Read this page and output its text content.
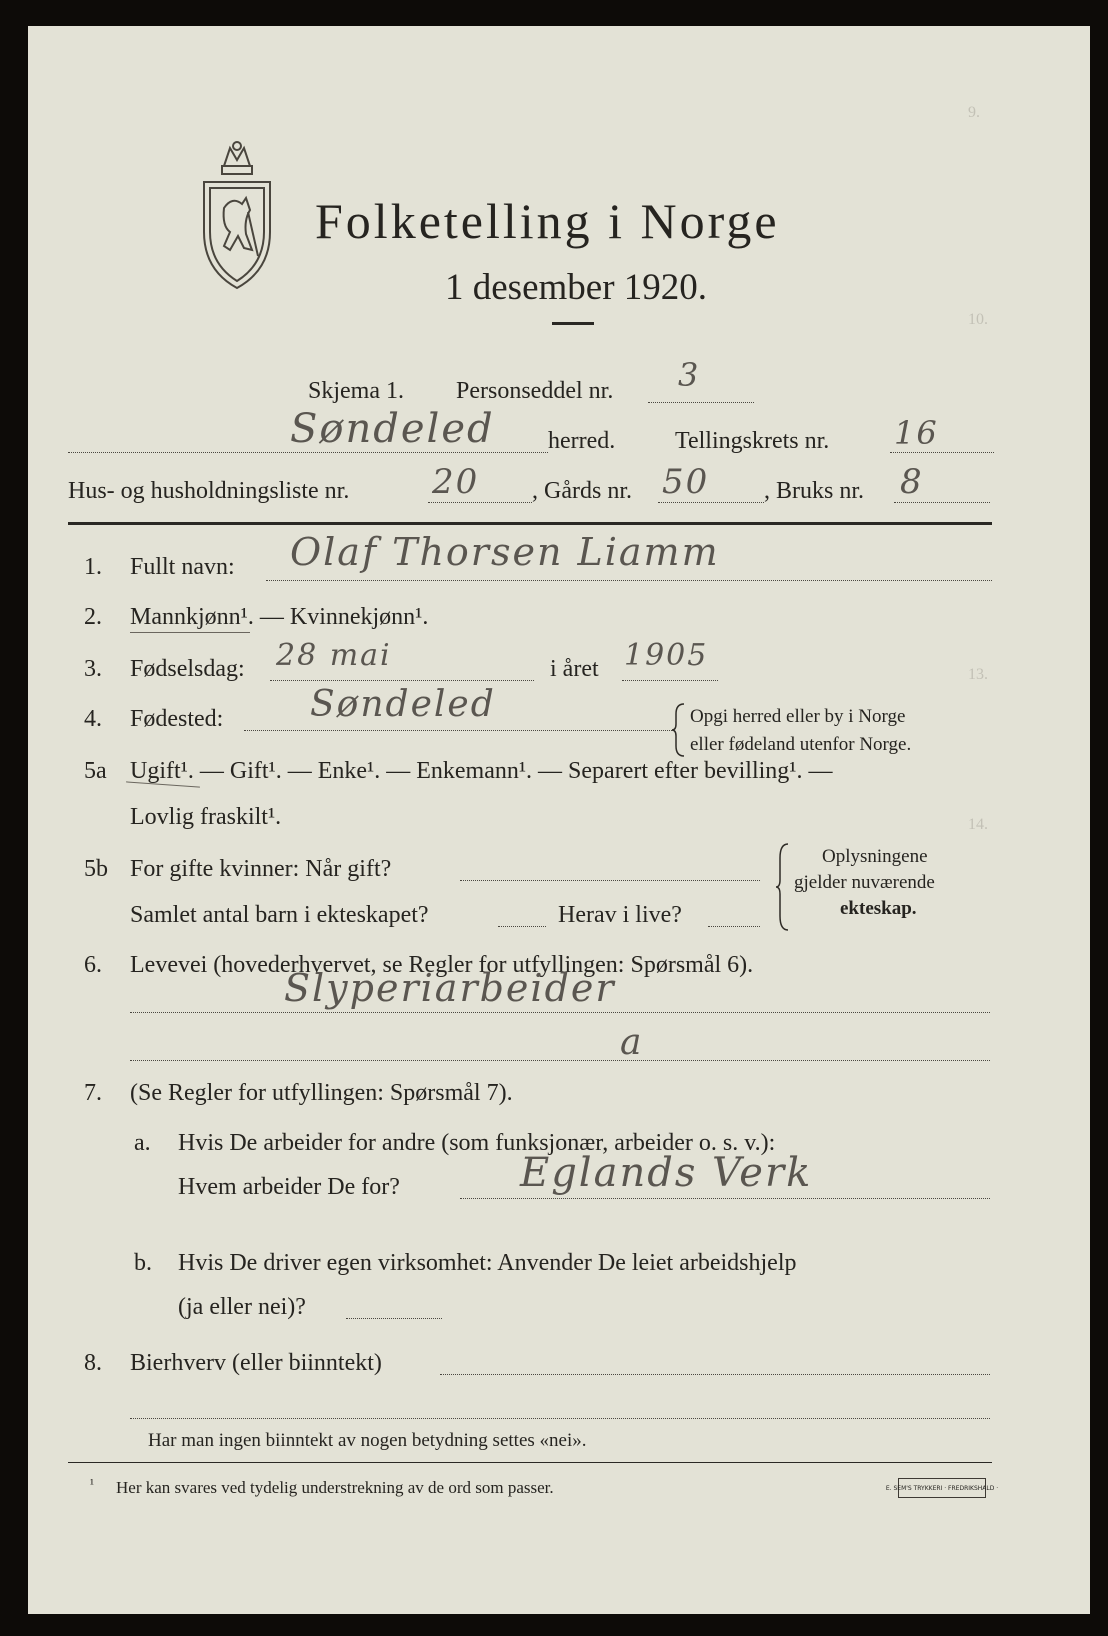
9.
10.
13.
14.
Folketelling i Norge
1 desember 1920.
Skjema 1. Personseddel nr. 3
Søndeled herred. Tellingskrets nr. 16
Hus- og husholdningsliste nr. 20 , Gårds nr. 50 , Bruks nr. 8
1. Fullt navn: Olaf Thorsen Liamm
2. Mannkjønn¹. — Kvinnekjønn¹.
3. Fødselsdag: 28 mai	i året 1905
4. Fødested: Søndeled	Opgi herred eller by i Norge
eller fødeland utenfor Norge.
5a Ugift¹. — Gift¹. — Enke¹. — Enkemann¹. — Separert efter bevilling¹. —
Lovlig fraskilt¹.
5b For gifte kvinner: Når gift?
Samlet antal barn i ekteskapet?	Herav i live?
Oplysningene
gjelder nuværende
ekteskap.
6. Levevei (hovederhvervet, se Regler for utfyllingen: Spørsmål 6).
Slyperiarbeider
a
7. (Se Regler for utfyllingen: Spørsmål 7).
a. Hvis De arbeider for andre (som funksjonær, arbeider o. s. v.):
Hvem arbeider De for?	Eglands Verk
b. Hvis De driver egen virksomhet: Anvender De leiet arbeidshjelp
(ja eller nei)?
8. Bierhverv (eller biinntekt)
Har man ingen biinntekt av nogen betydning settes «nei».
¹ Her kan svares ved tydelig understrekning av de ord som passer.	E. SEM'S TRYKKERI · FREDRIKSHALD ·
